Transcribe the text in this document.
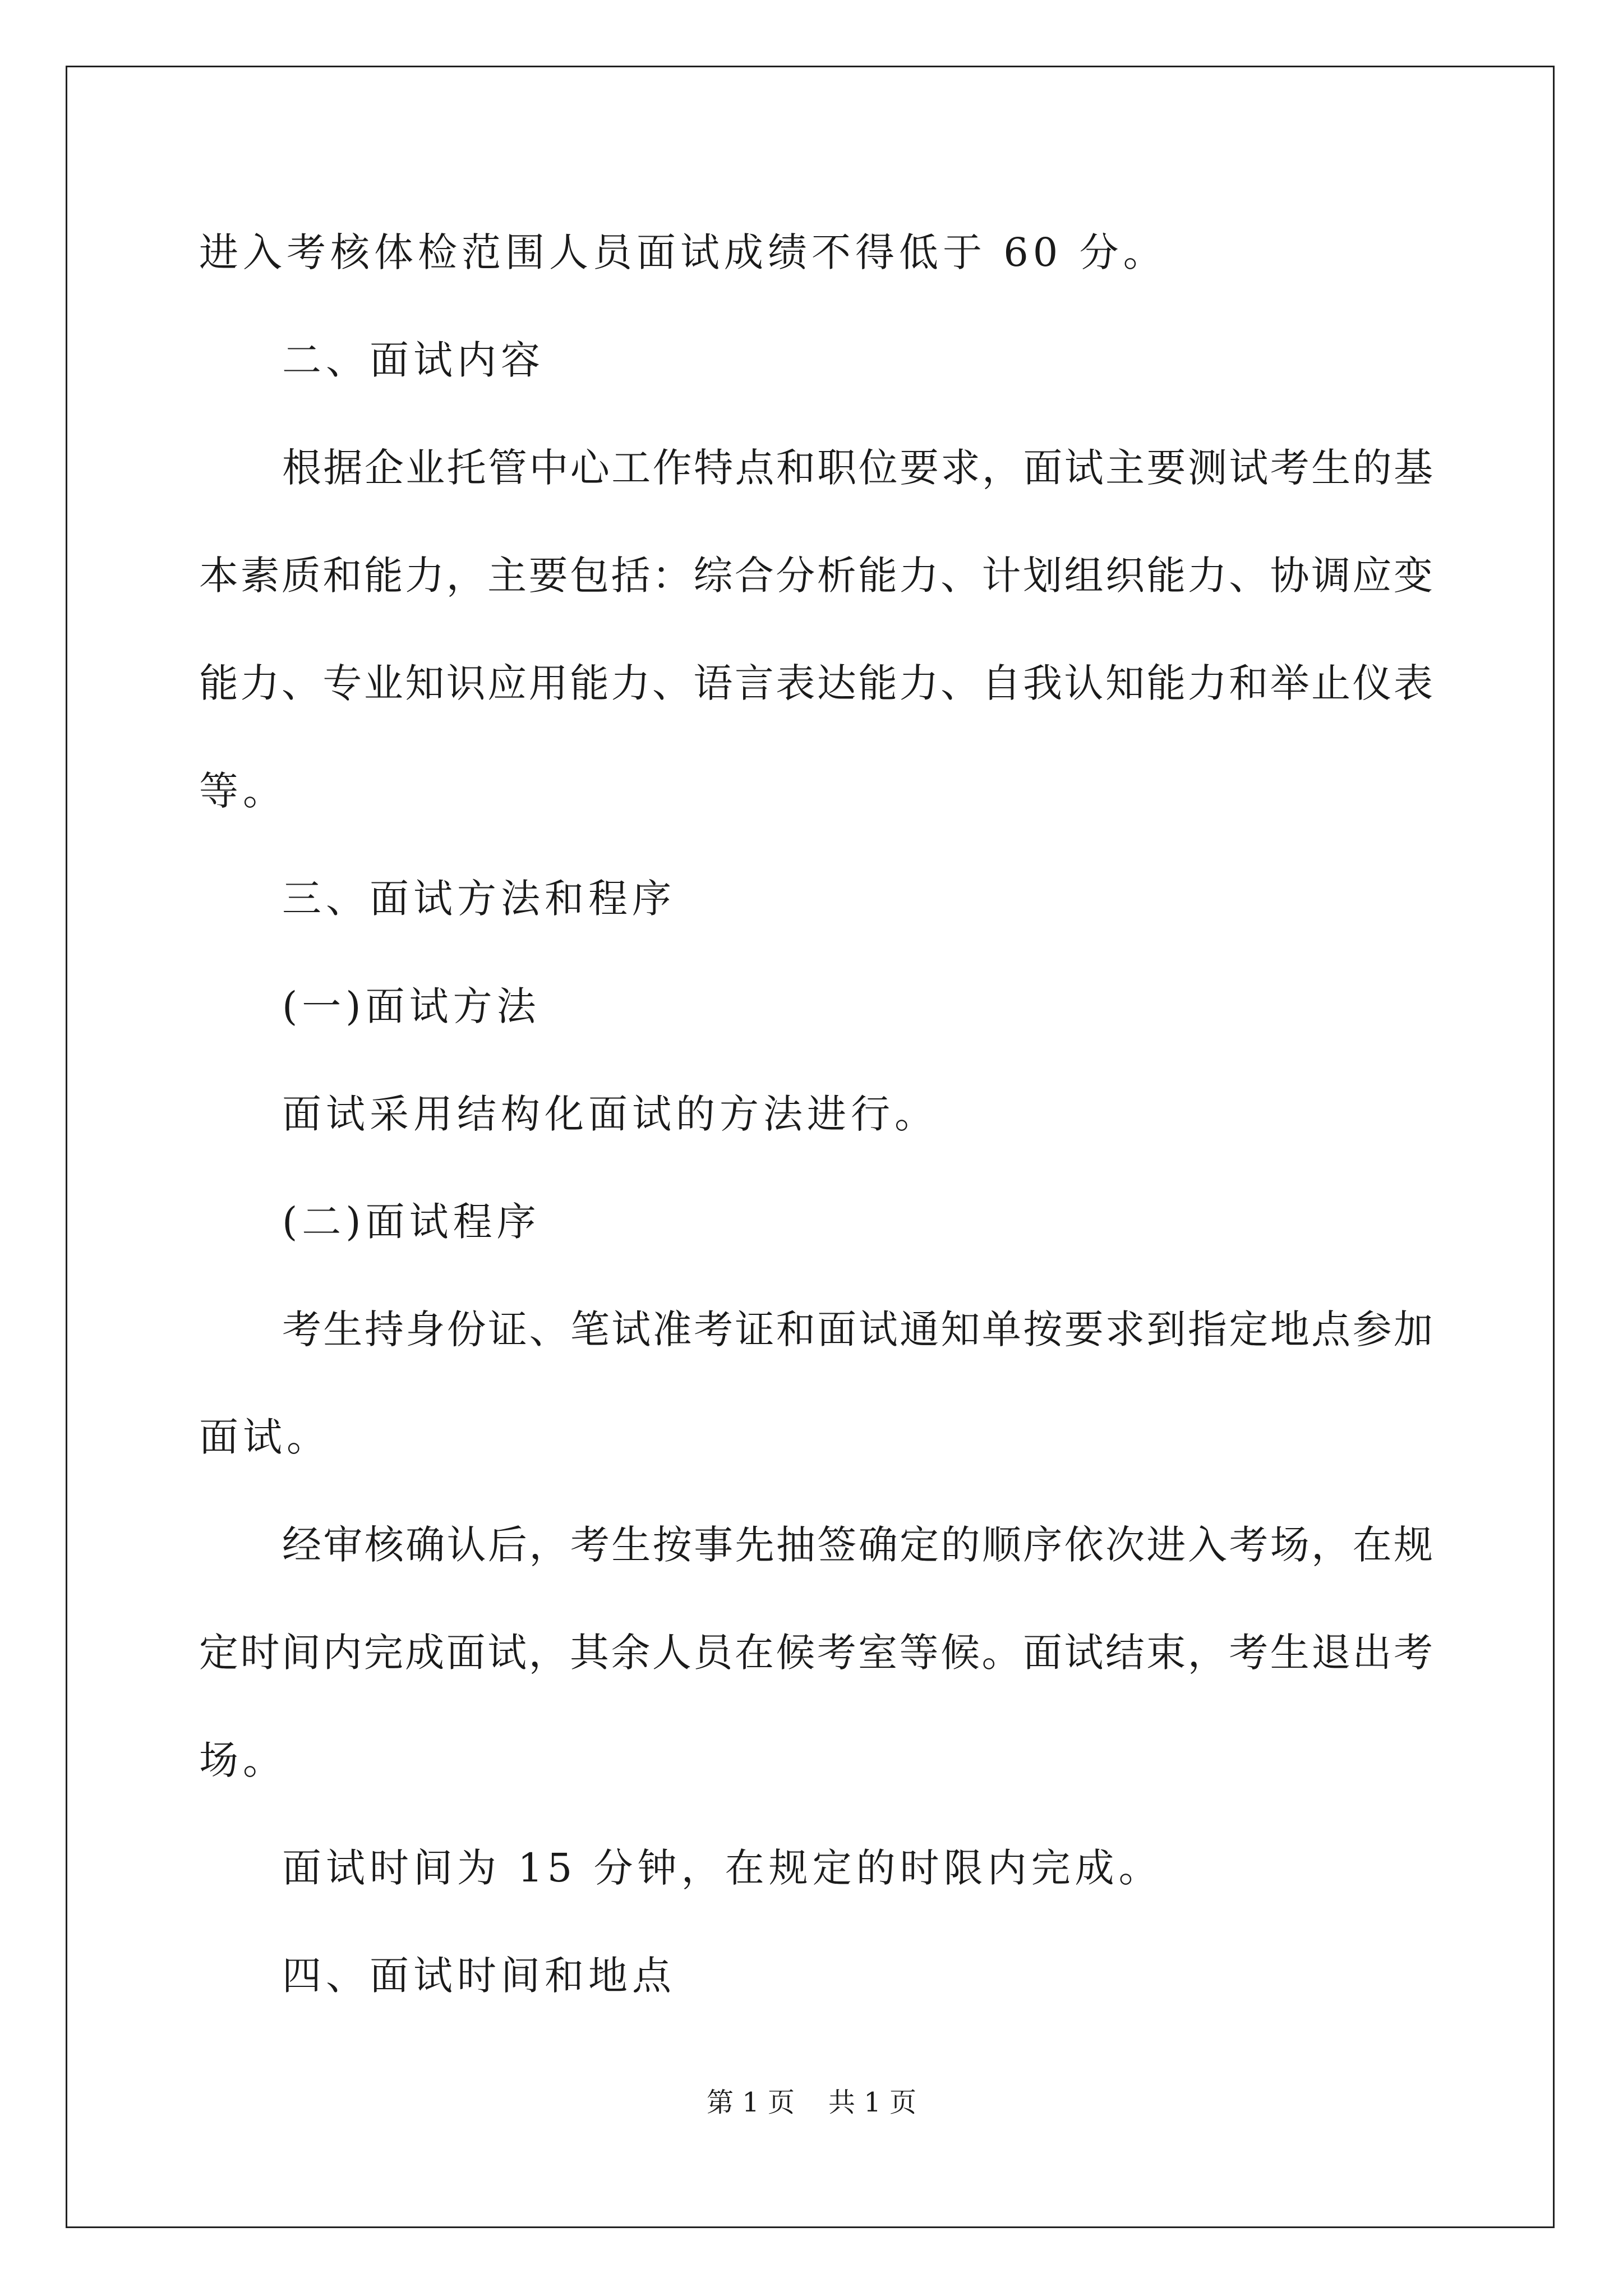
进入考核体检范围人员面试成绩不得低于 60 分。
二、面试内容
根据企业托管中心工作特点和职位要求，面试主要测试考生的基
本素质和能力，主要包括：综合分析能力、计划组织能力、协调应变
能力、专业知识应用能力、语言表达能力、自我认知能力和举止仪表
等。
三、面试方法和程序
(一)面试方法
面试采用结构化面试的方法进行。
(二)面试程序
考生持身份证、笔试准考证和面试通知单按要求到指定地点参加
面试。
经审核确认后，考生按事先抽签确定的顺序依次进入考场，在规
定时间内完成面试，其余人员在候考室等候。面试结束，考生退出考
场。
面试时间为 15 分钟，在规定的时限内完成。
四、面试时间和地点
第 1 页 共 1 页
